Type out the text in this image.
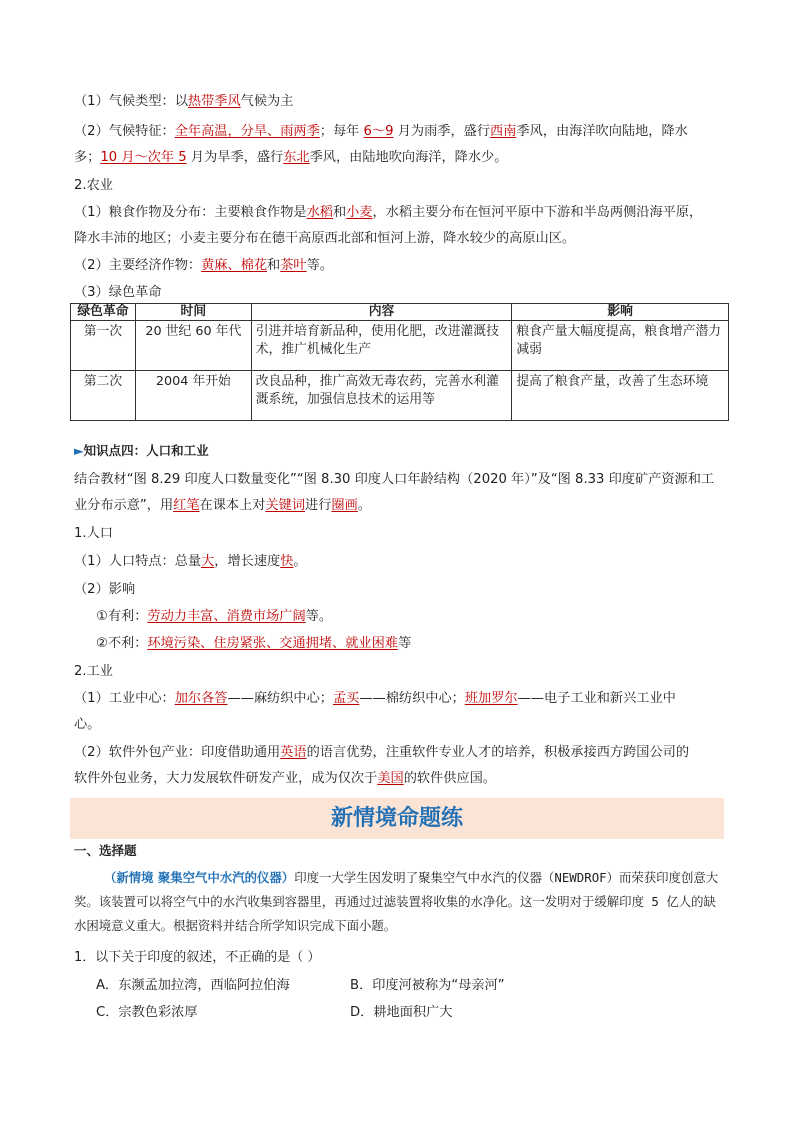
（1）气候类型：以热带季风气候为主
（2）气候特征：全年高温，分旱、雨两季；每年 6～9 月为雨季，盛行西南季风，由海洋吹向陆地，降水
多；10 月～次年 5 月为旱季，盛行东北季风，由陆地吹向海洋，降水少。
2.农业
（1）粮食作物及分布：主要粮食作物是水稻和小麦，水稻主要分布在恒河平原中下游和半岛两侧沿海平原，
降水丰沛的地区；小麦主要分布在德干高原西北部和恒河上游，降水较少的高原山区。
（2）主要经济作物：黄麻、棉花和茶叶等。
（3）绿色革命
绿色革命	时间	内容	影响
第一次	20 世纪 60 年代	引进并培育新品种，使用化肥，改进灌溉技术，推广机械化生产	粮食产量大幅度提高，粮食增产潜力减弱
第二次	2004 年开始	改良品种，推广高效无毒农药，完善水利灌溉系统，加强信息技术的运用等	提高了粮食产量，改善了生态环境
►知识点四：人口和工业
结合教材“图 8.29 印度人口数量变化”“图 8.30 印度人口年龄结构（2020 年）”及“图 8.33 印度矿产资源和工
业分布示意”，用红笔在课本上对关键词进行圈画。
1.人口
（1）人口特点：总量大，增长速度快。
（2）影响
①有利：劳动力丰富、消费市场广阔等。
②不利：环境污染、住房紧张、交通拥堵、就业困难等
2.工业
（1）工业中心：加尔各答——麻纺织中心；孟买——棉纺织中心；班加罗尔——电子工业和新兴工业中
心。
（2）软件外包产业：印度借助通用英语的语言优势，注重软件专业人才的培养，积极承接西方跨国公司的
软件外包业务，大力发展软件研发产业，成为仅次于美国的软件供应国。
新情境命题练
一、选择题
（新情境 聚集空气中水汽的仪器）印度一大学生因发明了聚集空气中水汽的仪器（NEWDROF）而荣获印度创意大奖。该装置可以将空气中的水汽收集到容器里，再通过过滤装置将收集的水净化。这一发明对于缓解印度 5 亿人的缺水困境意义重大。根据资料并结合所学知识完成下面小题。
1．以下关于印度的叙述，不正确的是（ ）
A．东濒孟加拉湾，西临阿拉伯海	B．印度河被称为“母亲河”
C．宗教色彩浓厚	D．耕地面积广大
